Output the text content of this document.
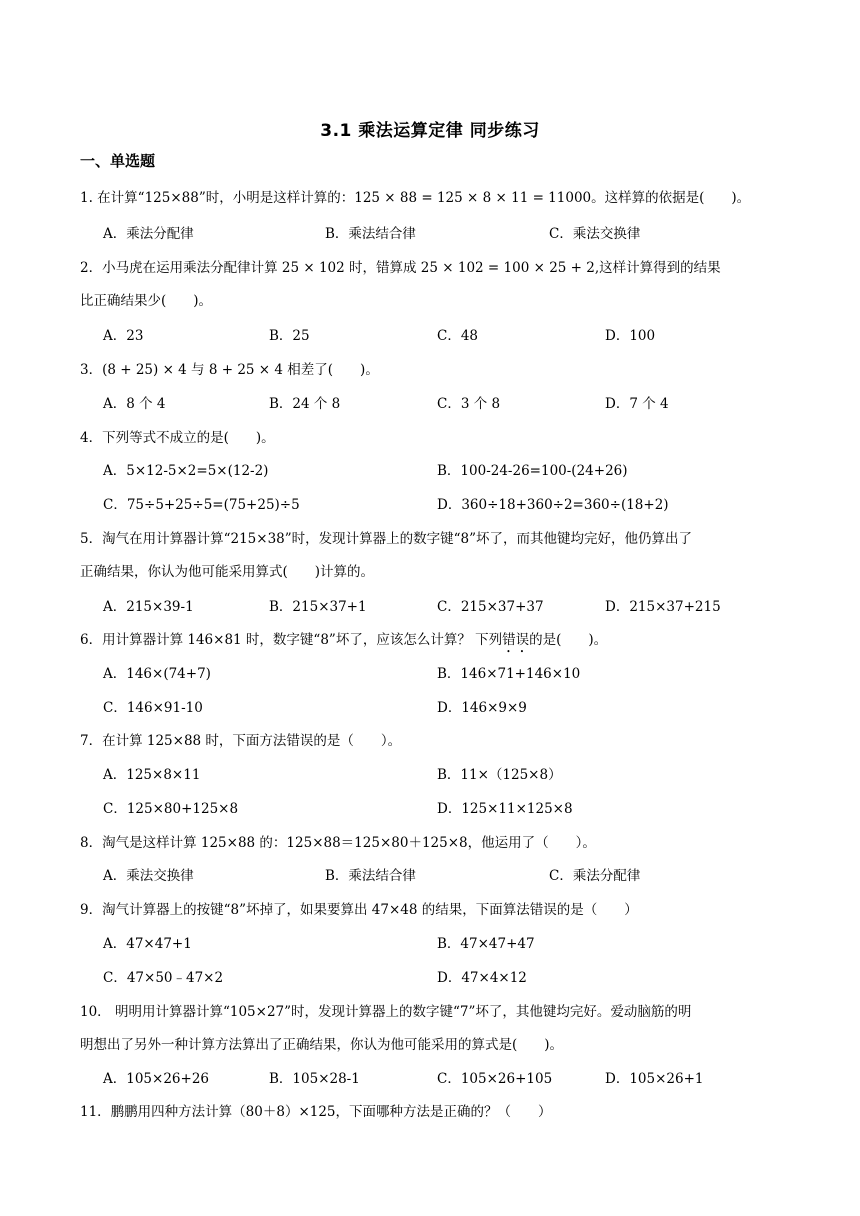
3.1 乘法运算定律 同步练习
一、单选题
1. 在计算“125×88”时，小明是这样计算的：125 × 88 = 125 × 8 × 11 = 11000。这样算的依据是(　　)。
A．乘法分配律	B．乘法结合律	C．乘法交换律
2．小马虎在运用乘法分配律计算 25 × 102 时，错算成 25 × 102 = 100 × 25 + 2,这样计算得到的结果
比正确结果少(　　)。
A．23	B．25	C．48	D．100
3．(8 + 25) × 4 与 8 + 25 × 4 相差了(　　)。
A．8 个 4	B．24 个 8	C．3 个 8	D．7 个 4
4．下列等式不成立的是(　　)。
A．5×12-5×2=5×(12-2)	B．100-24-26=100-(24+26)
C．75÷5+25÷5=(75+25)÷5	D．360÷18+360÷2=360÷(18+2)
5．淘气在用计算器计算“215×38”时，发现计算器上的数字键“8”坏了，而其他键均完好，他仍算出了
正确结果，你认为他可能采用算式(　　)计算的。
A．215×39-1	B．215×37+1	C．215×37+37	D．215×37+215
6．用计算器计算 146×81 时，数字键“8”坏了，应该怎么计算？ 下列错误的是(　　)。
A．146×(74+7)	B．146×71+146×10
C．146×91-10	D．146×9×9
7．在计算 125×88 时，下面方法错误的是（　　）。
A．125×8×11	B．11×（125×8）
C．125×80+125×8	D．125×11×125×8
8．淘气是这样计算 125×88 的：125×88＝125×80＋125×8，他运用了（　　）。
A．乘法交换律	B．乘法结合律	C．乘法分配律
9．淘气计算器上的按键“8”坏掉了，如果要算出 47×48 的结果，下面算法错误的是（　　）
A．47×47+1	B．47×47+47
C．47×50﹣47×2	D．47×4×12
10． 明明用计算器计算“105×27”时，发现计算器上的数字键“7”坏了，其他键均完好。爱动脑筋的明
明想出了另外一种计算方法算出了正确结果，你认为他可能采用的算式是(　　)。
A．105×26+26	B．105×28-1	C．105×26+105	D．105×26+1
11．鹏鹏用四种方法计算（80＋8）×125，下面哪种方法是正确的？（　　）
